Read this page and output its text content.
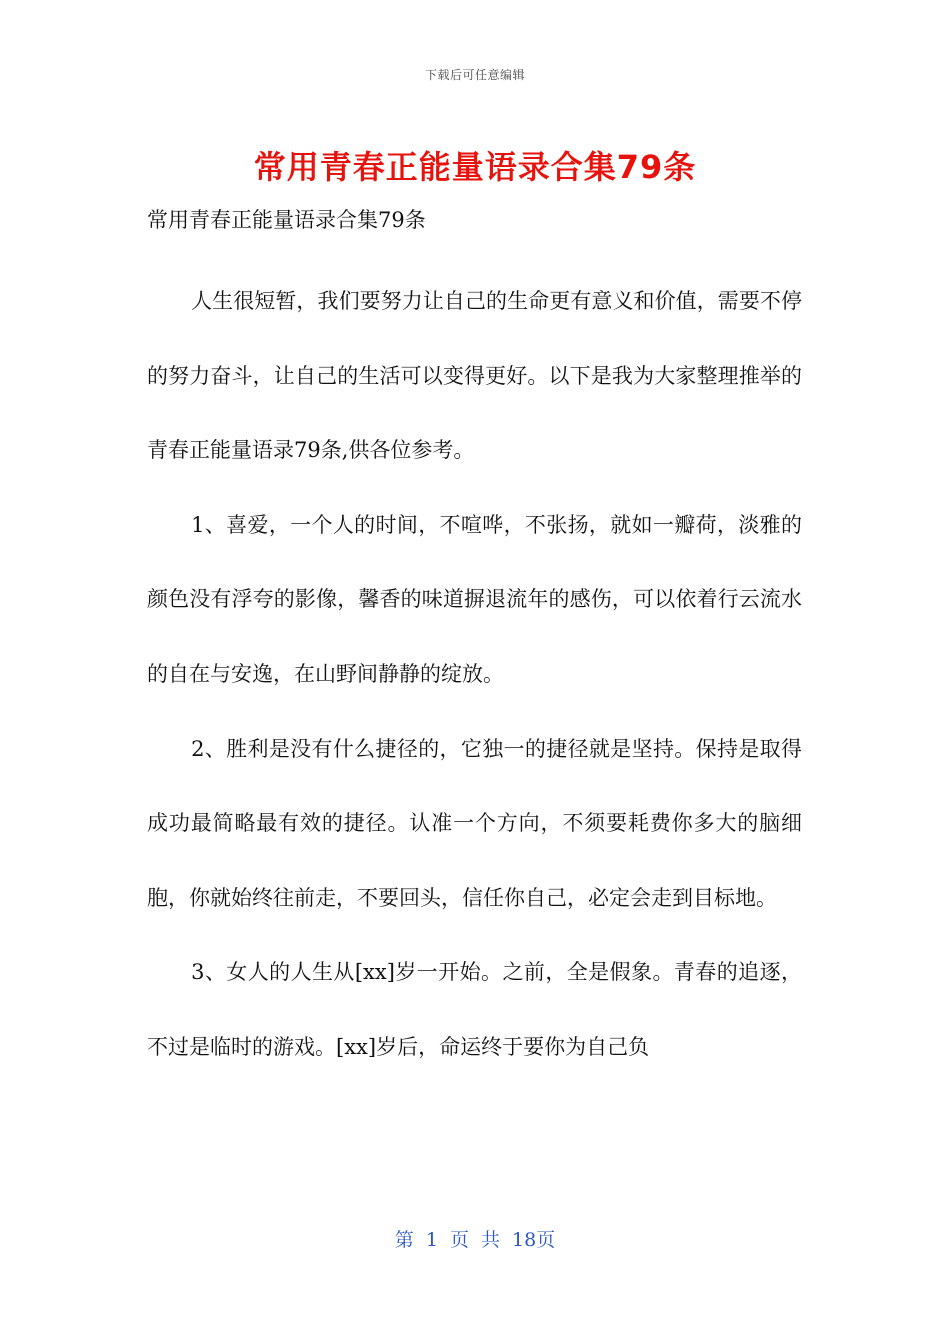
下载后可任意编辑
常用青春正能量语录合集79条
常用青春正能量语录合集79条

人生很短暂，我们要努力让自己的生命更有意义和价值，需要不停的努力奋斗，让自己的生活可以变得更好。以下是我为大家整理推举的青春正能量语录79条,供各位参考。

1、喜爱，一个人的时间，不喧哗，不张扬，就如一瓣荷，淡雅的颜色没有浮夸的影像，馨香的味道摒退流年的感伤，可以依着行云流水的自在与安逸，在山野间静静的绽放。

2、胜利是没有什么捷径的，它独一的捷径就是坚持。保持是取得成功最简略最有效的捷径。认准一个方向，不须要耗费你多大的脑细胞，你就始终往前走，不要回头，信任你自己，必定会走到目标地。

3、女人的人生从[xx]岁一开始。之前，全是假象。青春的追逐，不过是临时的游戏。[xx]岁后，命运终于要你为自己负

第 1 页 共 18页
